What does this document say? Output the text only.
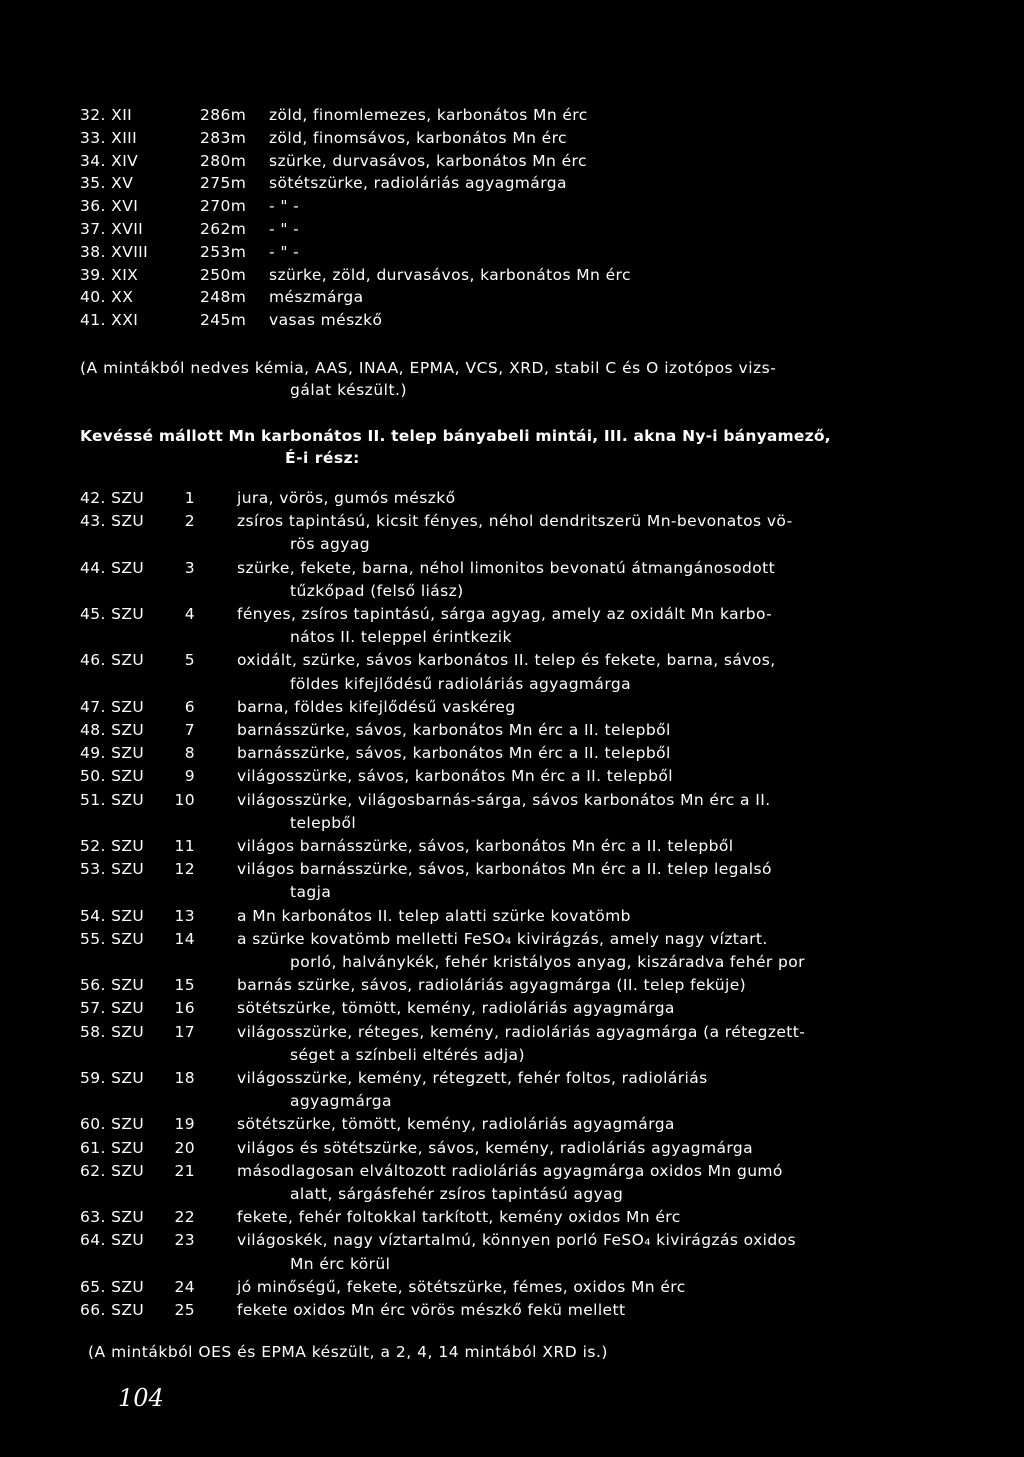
32. XII	286m zöld, finomlemezes, karbonátos Mn érc
33. XIII	283m zöld, finomsávos, karbonátos Mn érc
34. XIV	280m szürke, durvasávos, karbonátos Mn érc
35. XV	275m sötétszürke, radioláriás agyagmárga
36. XVI	270m - " -
37. XVII	262m - " -
38. XVIII	253m - " -
39. XIX	250m szürke, zöld, durvasávos, karbonátos Mn érc
40. XX	248m mészmárga
41. XXI	245m vasas mészkő
(A mintákból nedves kémia, AAS, INAA, EPMA, VCS, XRD, stabil C és O izotópos vizs-
gálat készült.)
Kevéssé mállott Mn karbonátos II. telep bányabeli mintái, III. akna Ny-i bányamező,
É-i rész:
42. SZU	1	jura, vörös, gumós mészkő
43. SZU	2	zsíros tapintású, kicsit fényes, néhol dendritszerü Mn-bevonatos vö-
rös agyag
44. SZU	3	szürke, fekete, barna, néhol limonitos bevonatú átmangánosodott
tűzkőpad (felső liász)
45. SZU	4	fényes, zsíros tapintású, sárga agyag, amely az oxidált Mn karbo-
nátos II. teleppel érintkezik
46. SZU	5	oxidált, szürke, sávos karbonátos II. telep és fekete, barna, sávos,
földes kifejlődésű radioláriás agyagmárga
47. SZU	6	barna, földes kifejlődésű vaskéreg
48. SZU	7	barnásszürke, sávos, karbonátos Mn érc a II. telepből
49. SZU	8	barnásszürke, sávos, karbonátos Mn érc a II. telepből
50. SZU	9	világosszürke, sávos, karbonátos Mn érc a II. telepből
51. SZU 10	világosszürke, világosbarnás-sárga, sávos karbonátos Mn érc a II.
telepből
52. SZU 11	világos barnásszürke, sávos, karbonátos Mn érc a II. telepből
53. SZU 12	világos barnásszürke, sávos, karbonátos Mn érc a II. telep legalsó
tagja
54. SZU 13	a Mn karbonátos II. telep alatti szürke kovatömb
55. SZU 14	a szürke kovatömb melletti FeSO₄ kivirágzás, amely nagy víztart.
porló, halványkék, fehér kristályos anyag, kiszáradva fehér por
56. SZU 15	barnás szürke, sávos, radioláriás agyagmárga (II. telep feküje)
57. SZU 16	sötétszürke, tömött, kemény, radioláriás agyagmárga
58. SZU 17	világosszürke, réteges, kemény, radioláriás agyagmárga (a rétegzett-
séget a színbeli eltérés adja)
59. SZU 18	világosszürke, kemény, rétegzett, fehér foltos, radioláriás
agyagmárga
60. SZU 19	sötétszürke, tömött, kemény, radioláriás agyagmárga
61. SZU 20	világos és sötétszürke, sávos, kemény, radioláriás agyagmárga
62. SZU 21	másodlagosan elváltozott radioláriás agyagmárga oxidos Mn gumó
alatt, sárgásfehér zsíros tapintású agyag
63. SZU 22	fekete, fehér foltokkal tarkított, kemény oxidos Mn érc
64. SZU 23	világoskék, nagy víztartalmú, könnyen porló FeSO₄ kivirágzás oxidos
Mn érc körül
65. SZU 24	jó minőségű, fekete, sötétszürke, fémes, oxidos Mn érc
66. SZU 25	fekete oxidos Mn érc vörös mészkő fekü mellett
(A mintákból OES és EPMA készült, a 2, 4, 14 mintából XRD is.)
104
